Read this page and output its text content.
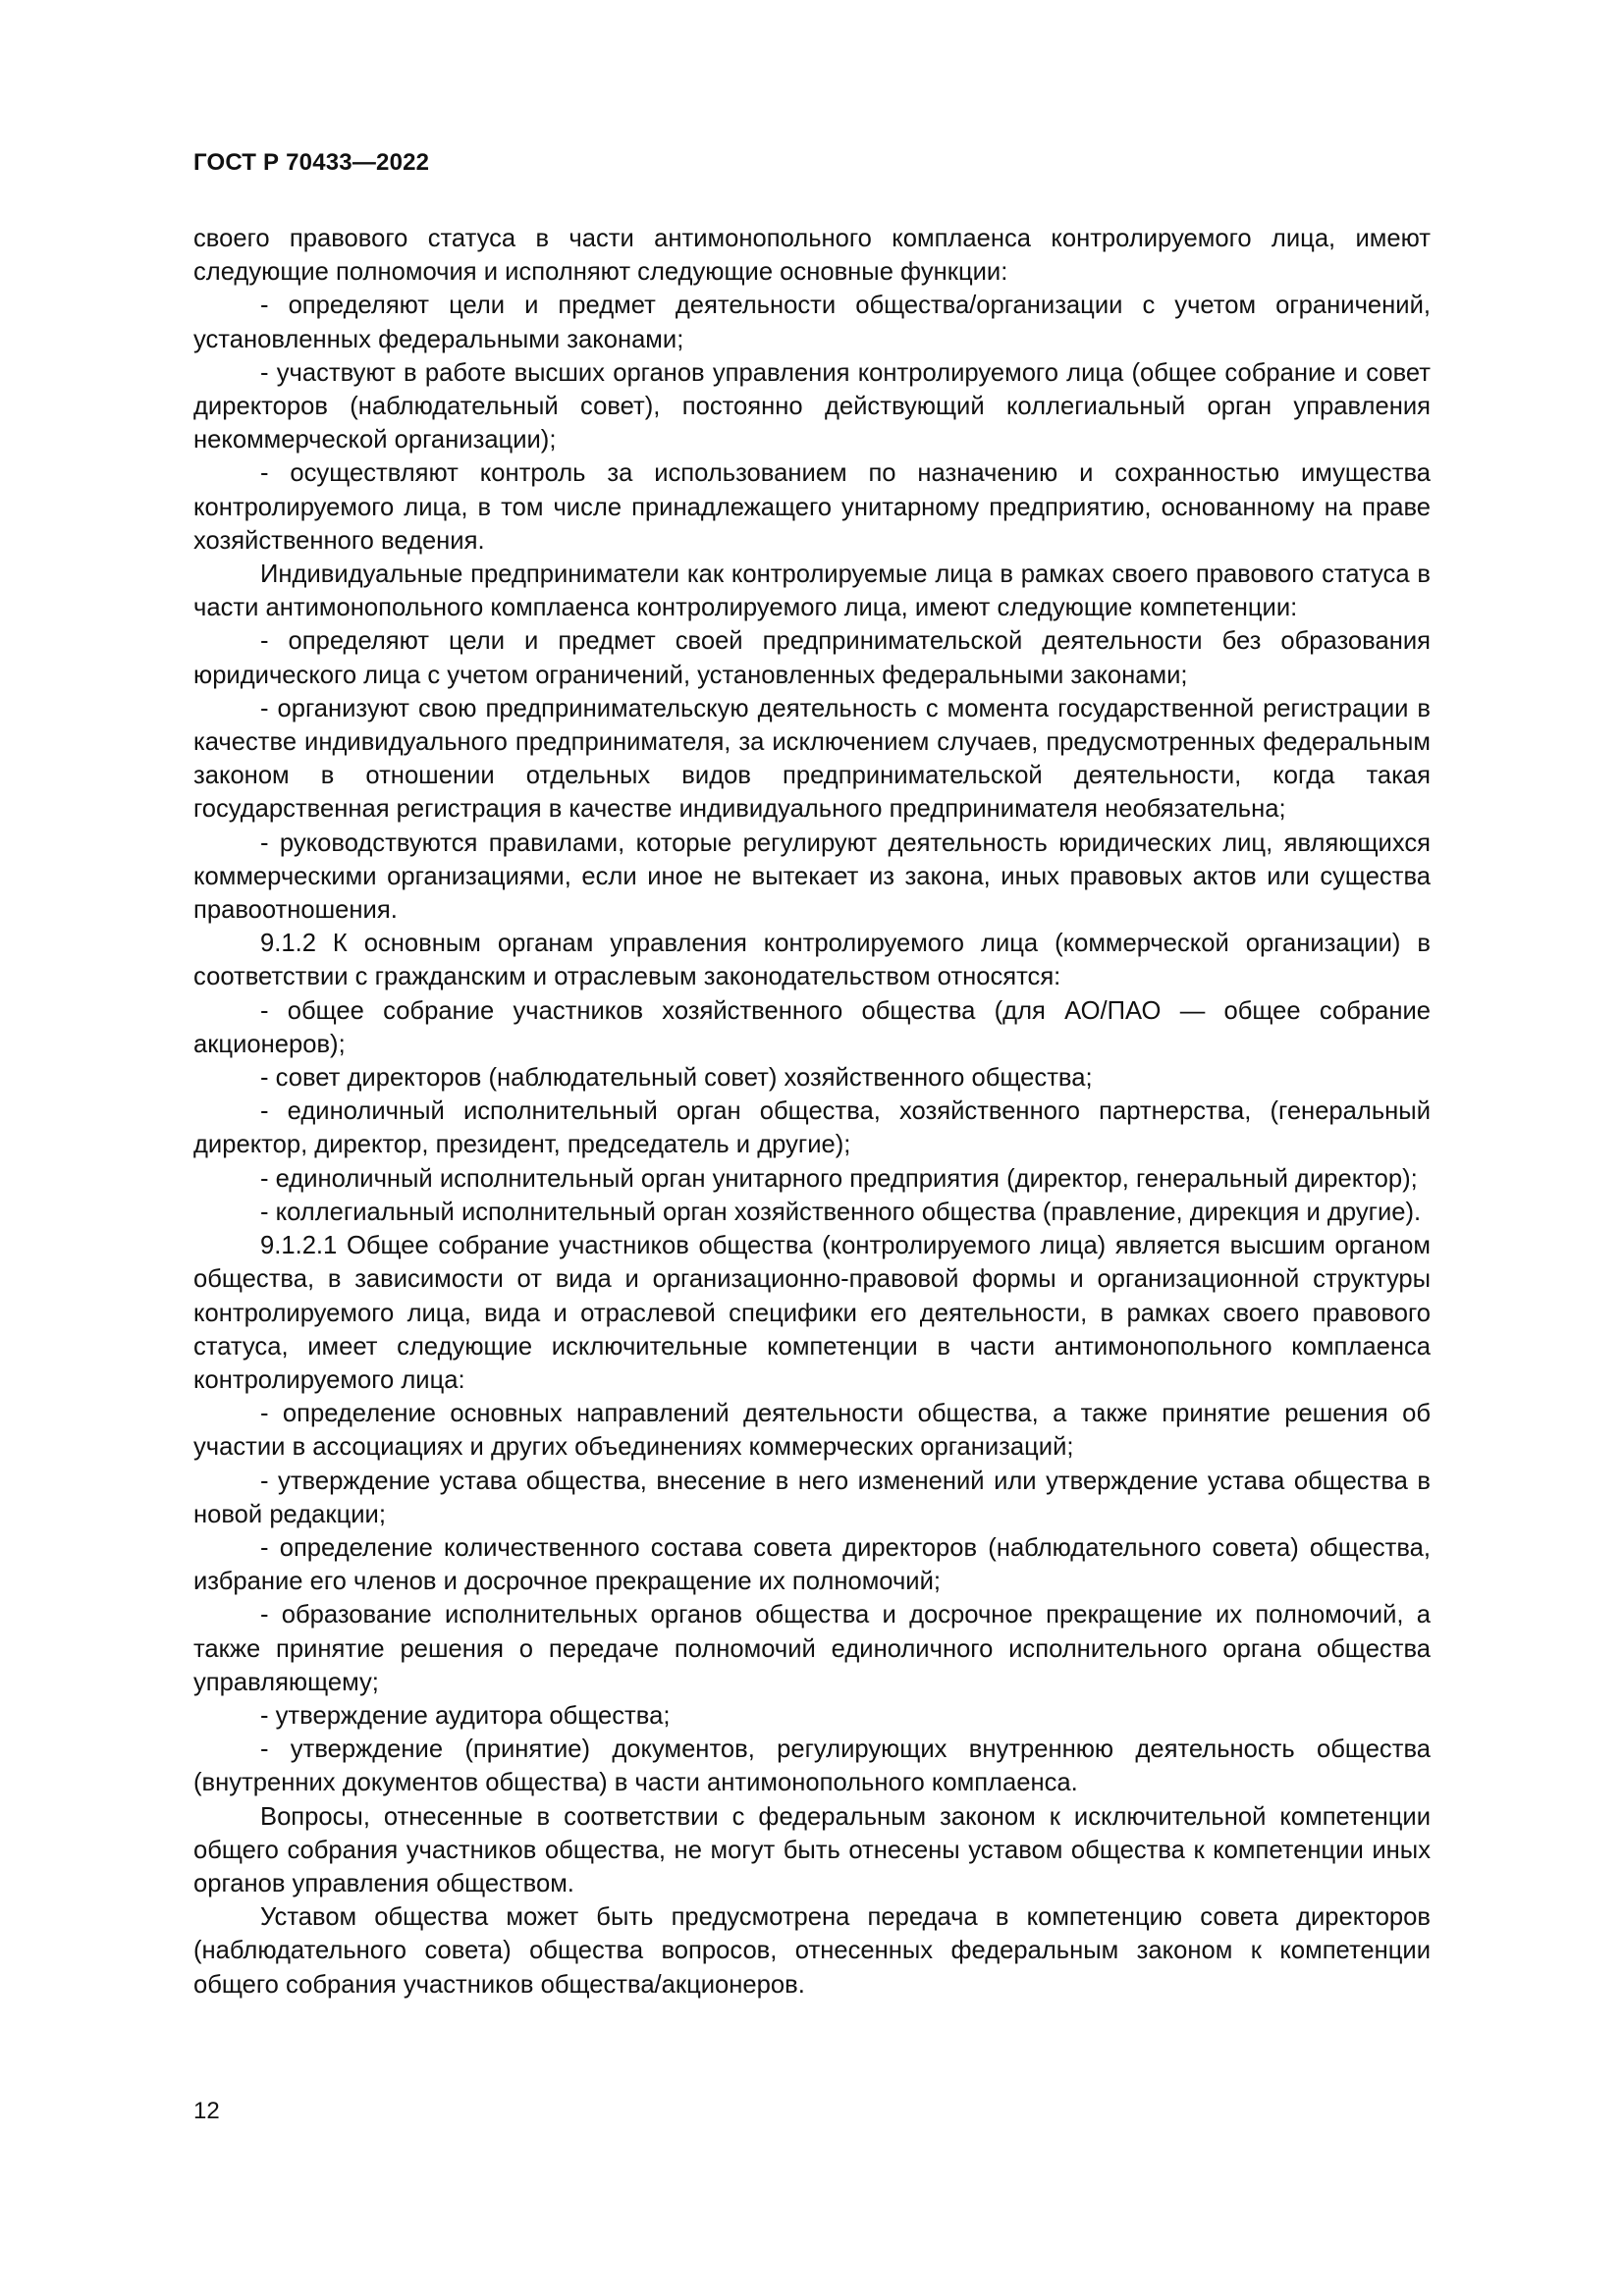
ГОСТ Р 70433—2022

своего правового статуса в части антимонопольного комплаенса контролируемого лица, имеют следующие полномочия и исполняют следующие основные функции:

- определяют цели и предмет деятельности общества/организации с учетом ограничений, установленных федеральными законами;

- участвуют в работе высших органов управления контролируемого лица (общее собрание и совет директоров (наблюдательный совет), постоянно действующий коллегиальный орган управления некоммерческой организации);

- осуществляют контроль за использованием по назначению и сохранностью имущества контролируемого лица, в том числе принадлежащего унитарному предприятию, основанному на праве хозяйственного ведения.

Индивидуальные предприниматели как контролируемые лица в рамках своего правового статуса в части антимонопольного комплаенса контролируемого лица, имеют следующие компетенции:

- определяют цели и предмет своей предпринимательской деятельности без образования юридического лица с учетом ограничений, установленных федеральными законами;

- организуют свою предпринимательскую деятельность с момента государственной регистрации в качестве индивидуального предпринимателя, за исключением случаев, предусмотренных федеральным законом в отношении отдельных видов предпринимательской деятельности, когда такая государственная регистрация в качестве индивидуального предпринимателя необязательна;

- руководствуются правилами, которые регулируют деятельность юридических лиц, являющихся коммерческими организациями, если иное не вытекает из закона, иных правовых актов или существа правоотношения.

9.1.2 К основным органам управления контролируемого лица (коммерческой организации) в соответствии с гражданским и отраслевым законодательством относятся:

- общее собрание участников хозяйственного общества (для АО/ПАО — общее собрание акционеров);

- совет директоров (наблюдательный совет) хозяйственного общества;

- единоличный исполнительный орган общества, хозяйственного партнерства, (генеральный директор, директор, президент, председатель и другие);

- единоличный исполнительный орган унитарного предприятия (директор, генеральный директор);

- коллегиальный исполнительный орган хозяйственного общества (правление, дирекция и другие).

9.1.2.1 Общее собрание участников общества (контролируемого лица) является высшим органом общества, в зависимости от вида и организационно-правовой формы и организационной структуры контролируемого лица, вида и отраслевой специфики его деятельности, в рамках своего правового статуса, имеет следующие исключительные компетенции в части антимонопольного комплаенса контролируемого лица:

- определение основных направлений деятельности общества, а также принятие решения об участии в ассоциациях и других объединениях коммерческих организаций;

- утверждение устава общества, внесение в него изменений или утверждение устава общества в новой редакции;

- определение количественного состава совета директоров (наблюдательного совета) общества, избрание его членов и досрочное прекращение их полномочий;

- образование исполнительных органов общества и досрочное прекращение их полномочий, а также принятие решения о передаче полномочий единоличного исполнительного органа общества управляющему;

- утверждение аудитора общества;

- утверждение (принятие) документов, регулирующих внутреннюю деятельность общества (внутренних документов общества) в части антимонопольного комплаенса.

Вопросы, отнесенные в соответствии с федеральным законом к исключительной компетенции общего собрания участников общества, не могут быть отнесены уставом общества к компетенции иных органов управления обществом.

Уставом общества может быть предусмотрена передача в компетенцию совета директоров (наблюдательного совета) общества вопросов, отнесенных федеральным законом к компетенции общего собрания участников общества/акционеров.

12
